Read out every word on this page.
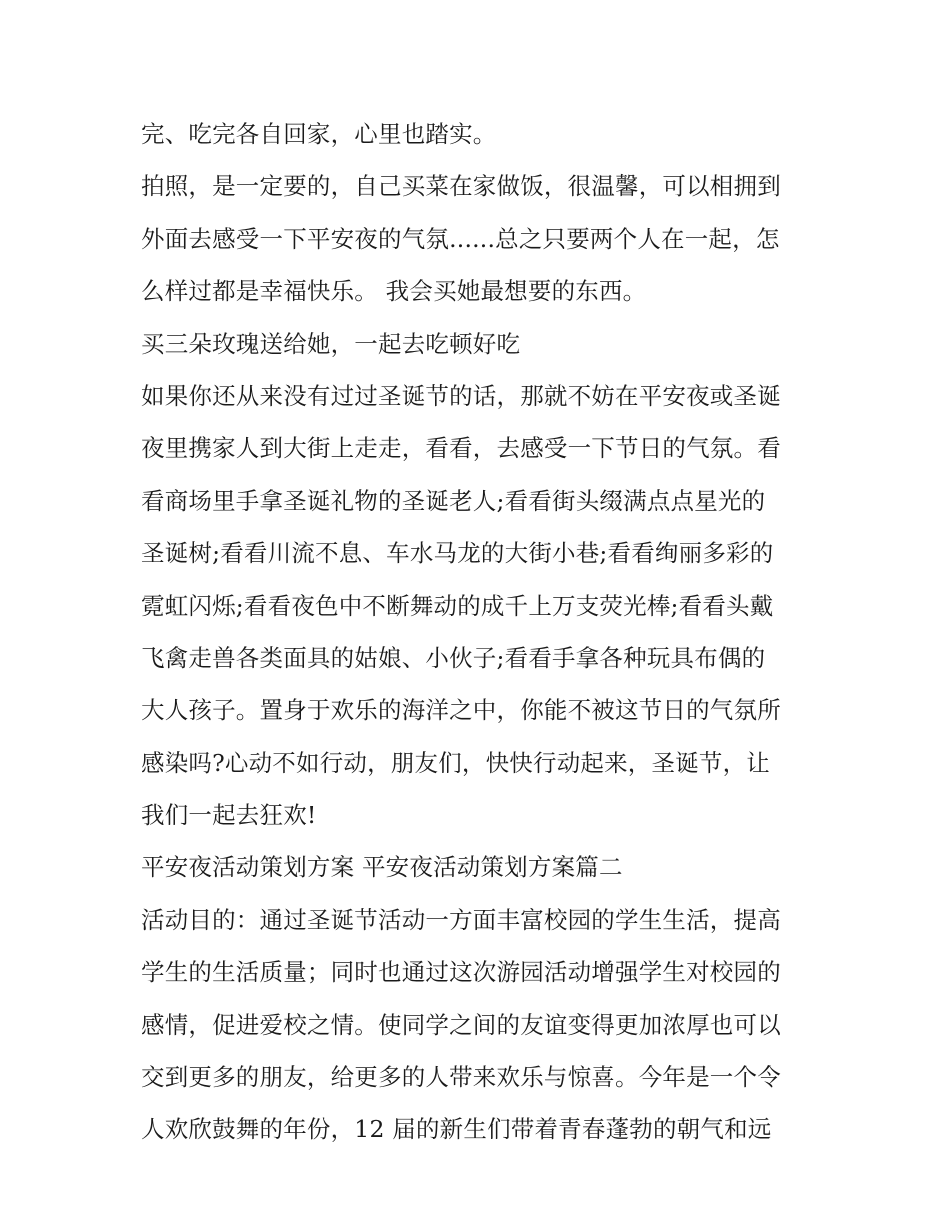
完、吃完各自回家，心里也踏实。
拍照，是一定要的，自己买菜在家做饭，很温馨，可以相拥到
外面去感受一下平安夜的气氛......总之只要两个人在一起，怎
么样过都是幸福快乐。 我会买她最想要的东西。
买三朵玫瑰送给她，一起去吃顿好吃
如果你还从来没有过过圣诞节的话，那就不妨在平安夜或圣诞
夜里携家人到大街上走走，看看，去感受一下节日的气氛。看
看商场里手拿圣诞礼物的圣诞老人;看看街头缀满点点星光的
圣诞树;看看川流不息、车水马龙的大街小巷;看看绚丽多彩的
霓虹闪烁;看看夜色中不断舞动的成千上万支荧光棒;看看头戴
飞禽走兽各类面具的姑娘、小伙子;看看手拿各种玩具布偶的
大人孩子。置身于欢乐的海洋之中，你能不被这节日的气氛所
感染吗?心动不如行动，朋友们，快快行动起来，圣诞节，让
我们一起去狂欢!
平安夜活动策划方案 平安夜活动策划方案篇二
活动目的：通过圣诞节活动一方面丰富校园的学生生活，提高
学生的生活质量；同时也通过这次游园活动增强学生对校园的
感情，促进爱校之情。使同学之间的友谊变得更加浓厚也可以
交到更多的朋友，给更多的人带来欢乐与惊喜。今年是一个令
人欢欣鼓舞的年份，12 届的新生们带着青春蓬勃的朝气和远
